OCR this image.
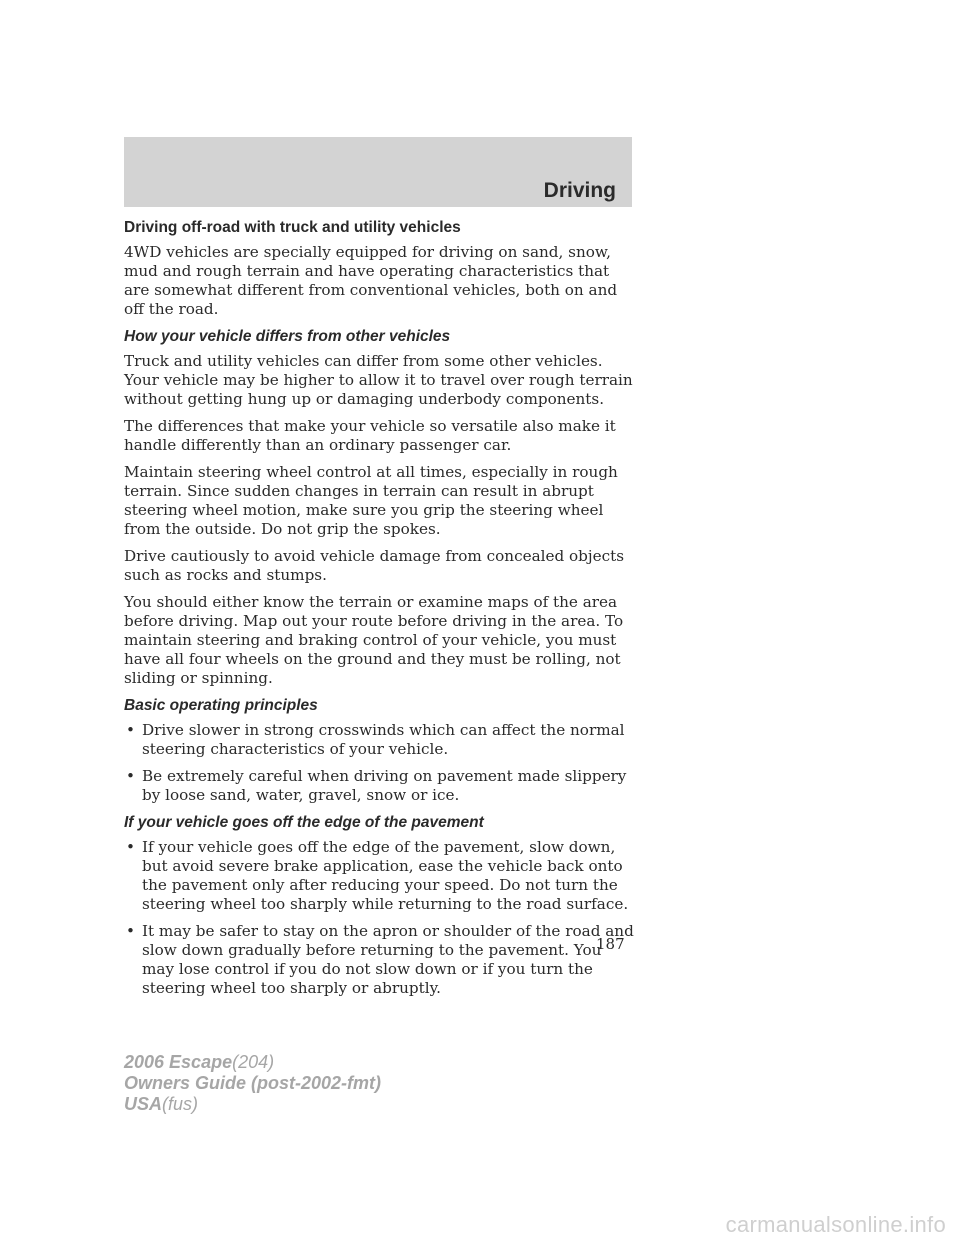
Driving
Driving off-road with truck and utility vehicles

4WD vehicles are specially equipped for driving on sand, snow, mud and rough terrain and have operating characteristics that are somewhat different from conventional vehicles, both on and off the road.

How your vehicle differs from other vehicles

Truck and utility vehicles can differ from some other vehicles. Your vehicle may be higher to allow it to travel over rough terrain without getting hung up or damaging underbody components.

The differences that make your vehicle so versatile also make it handle differently than an ordinary passenger car.

Maintain steering wheel control at all times, especially in rough terrain. Since sudden changes in terrain can result in abrupt steering wheel motion, make sure you grip the steering wheel from the outside. Do not grip the spokes.

Drive cautiously to avoid vehicle damage from concealed objects such as rocks and stumps.

You should either know the terrain or examine maps of the area before driving. Map out your route before driving in the area. To maintain steering and braking control of your vehicle, you must have all four wheels on the ground and they must be rolling, not sliding or spinning.

Basic operating principles
• Drive slower in strong crosswinds which can affect the normal steering characteristics of your vehicle.
• Be extremely careful when driving on pavement made slippery by loose sand, water, gravel, snow or ice.
If your vehicle goes off the edge of the pavement
• If your vehicle goes off the edge of the pavement, slow down, but avoid severe brake application, ease the vehicle back onto the pavement only after reducing your speed. Do not turn the steering wheel too sharply while returning to the road surface.
• It may be safer to stay on the apron or shoulder of the road and slow down gradually before returning to the pavement. You may lose control if you do not slow down or if you turn the steering wheel too sharply or abruptly.
187
2006 Escape(204)
Owners Guide (post-2002-fmt)
USA(fus)
carmanualsonline.info
